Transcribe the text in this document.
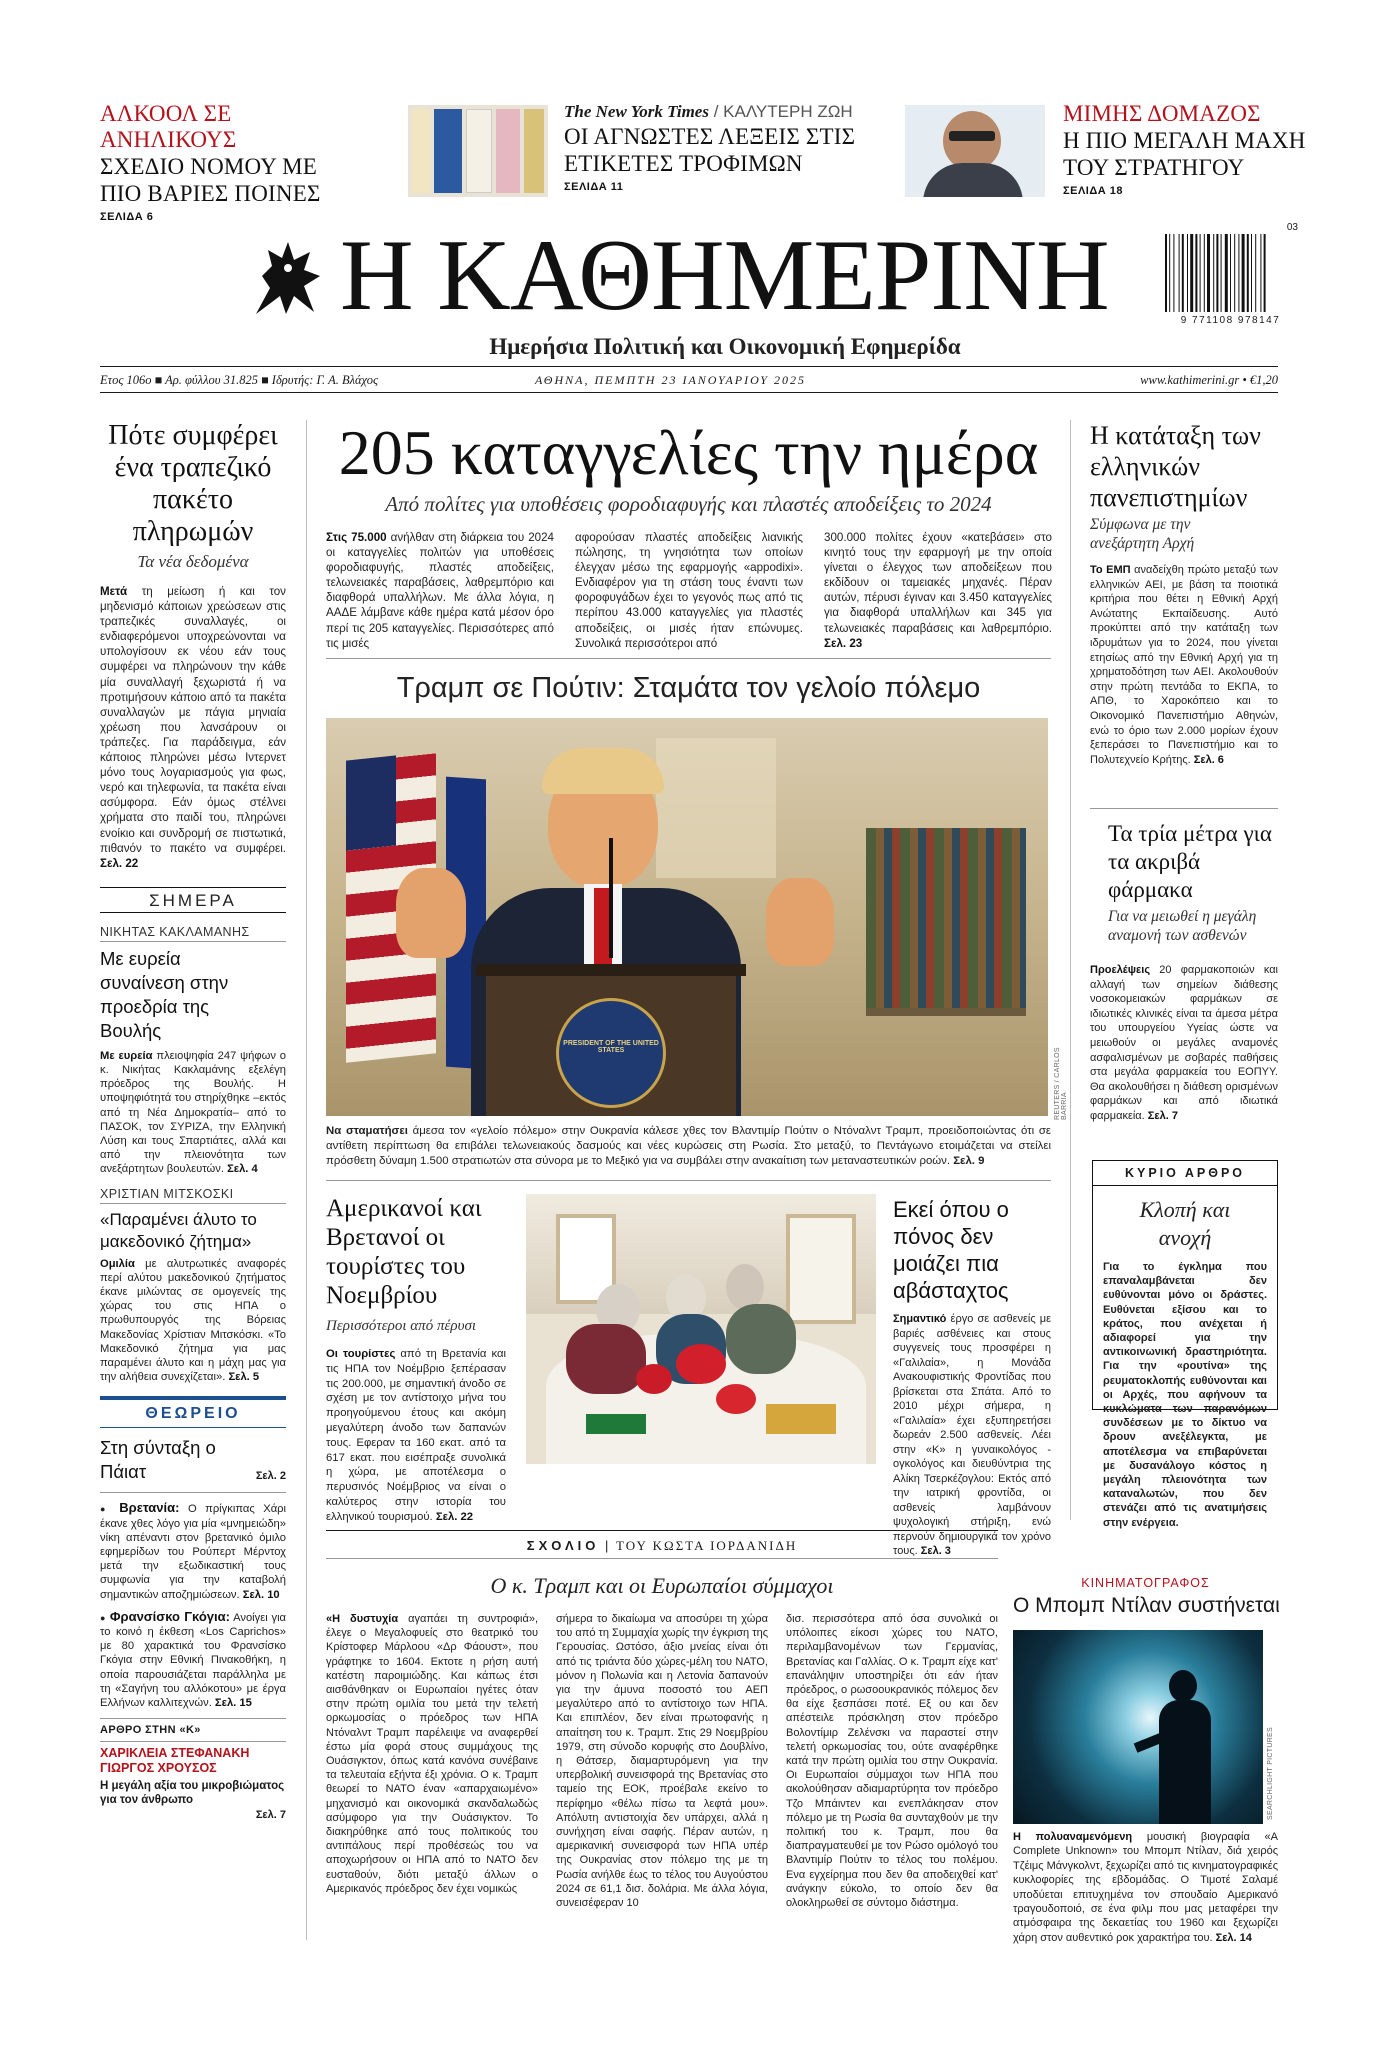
ΑΛΚΟΟΛ ΣΕ ΑΝΗΛΙΚΟΥΣ
ΣΧΕΔΙΟ ΝΟΜΟΥ ΜΕ ΠΙΟ ΒΑΡΙΕΣ ΠΟΙΝΕΣ
ΣΕΛΙΔΑ 6
The New York Times / ΚΑΛΥΤΕΡΗ ΖΩΗ
ΟΙ ΑΓΝΩΣΤΕΣ ΛΕΞΕΙΣ ΣΤΙΣ ΕΤΙΚΕΤΕΣ ΤΡΟΦΙΜΩΝ
ΣΕΛΙΔΑ 11
ΜΙΜΗΣ ΔΟΜΑΖΟΣ
Η ΠΙΟ ΜΕΓΑΛΗ ΜΑΧΗ ΤΟΥ ΣΤΡΑΤΗΓΟΥ
ΣΕΛΙΔΑ 18
Η ΚΑΘΗΜΕΡΙΝΗ
Ημερήσια Πολιτική και Οικονομική Εφημερίδα
03
9 771108 978147
Ετος 106ο ■ Αρ. φύλλου 31.825 ■ Ιδρυτής: Γ. Α. Βλάχος	ΑΘΗΝΑ, ΠΕΜΠΤΗ 23 ΙΑΝΟΥΑΡΙΟΥ 2025	www.kathimerini.gr • €1,20
Πότε συμφέρει ένα τραπεζικό πακέτο πληρωμών
Τα νέα δεδομένα
Μετά τη μείωση ή και τον μηδενισμό κάποιων χρεώσεων στις τραπεζικές συναλλαγές, οι ενδιαφερόμενοι υποχρεώνονται να υπολογίσουν εκ νέου εάν τους συμφέρει να πληρώνουν την κάθε μία συναλλαγή ξεχωριστά ή να προτιμήσουν κάποιο από τα πακέτα συναλλαγών με πάγια μηνιαία χρέωση που λανσάρουν οι τράπεζες. Για παράδειγμα, εάν κάποιος πληρώνει μέσω Ιντερνετ μόνο τους λογαριασμούς για φως, νερό και τηλεφωνία, τα πακέτα είναι ασύμφορα. Εάν όμως στέλνει χρήματα στο παιδί του, πληρώνει ενοίκιο και συνδρομή σε πιστωτικά, πιθανόν το πακέτο να συμφέρει. Σελ. 22
ΣΗΜΕΡΑ
ΝΙΚΗΤΑΣ ΚΑΚΛΑΜΑΝΗΣ
Με ευρεία συναίνεση στην προεδρία της Βουλής
Με ευρεία πλειοψηφία 247 ψήφων ο κ. Νικήτας Κακλαμάνης εξελέγη πρόεδρος της Βουλής. Η υποψηφιότητά του στηρίχθηκε –εκτός από τη Νέα Δημοκρατία– από το ΠΑΣΟΚ, τον ΣΥΡΙΖΑ, την Ελληνική Λύση και τους Σπαρτιάτες, αλλά και από την πλειονότητα των ανεξάρτητων βουλευτών. Σελ. 4
ΧΡΙΣΤΙΑΝ ΜΙΤΣΚΟΣΚΙ
«Παραμένει άλυτο το μακεδονικό ζήτημα»
Ομιλία με αλυτρωτικές αναφορές περί αλύτου μακεδονικού ζητήματος έκανε μιλώντας σε ομογενείς της χώρας του στις ΗΠΑ ο πρωθυπουργός της Βόρειας Μακεδονίας Χρίστιαν Μιτσκόσκι. «Το Μακεδονικό ζήτημα για μας παραμένει άλυτο και η μάχη μας για την αλήθεια συνεχίζεται». Σελ. 5
ΘΕΩΡΕΙΟ
Στη σύνταξη ο Πάιατ	Σελ. 2
● Βρετανία: Ο πρίγκιπας Χάρι έκανε χθες λόγο για μία «μνημειώδη» νίκη απέναντι στον βρετανικό όμιλο εφημερίδων του Ρούπερτ Μέρντοχ μετά την εξωδικαστική τους συμφωνία για την καταβολή σημαντικών αποζημιώσεων. Σελ. 10
● Φρανσίσκο Γκόγια: Ανοίγει για το κοινό η έκθεση «Los Caprichos» με 80 χαρακτικά του Φρανσίσκο Γκόγια στην Εθνική Πινακοθήκη, η οποία παρουσιάζεται παράλληλα με τη «Σαγήνη του αλλόκοτου» με έργα Ελλήνων καλλιτεχνών. Σελ. 15
ΑΡΘΡΟ ΣΤΗΝ «Κ»
ΧΑΡΙΚΛΕΙΑ ΣΤΕΦΑΝΑΚΗ ΓΙΩΡΓΟΣ ΧΡΟΥΣΟΣ
Η μεγάλη αξία του μικροβιώματος για τον άνθρωπο
Σελ. 7
205 καταγγελίες την ημέρα
Από πολίτες για υποθέσεις φοροδιαφυγής και πλαστές αποδείξεις το 2024
Στις 75.000 ανήλθαν στη διάρκεια του 2024 οι καταγγελίες πολιτών για υποθέσεις φοροδιαφυγής, πλαστές αποδείξεις, τελωνειακές παραβάσεις, λαθρεμπόριο και διαφθορά υπαλλήλων. Με άλλα λόγια, η ΑΑΔΕ λάμβανε κάθε ημέρα κατά μέσον όρο περί τις 205 καταγγελίες. Περισσότερες από τις μισές
αφορούσαν πλαστές αποδείξεις λιανικής πώλησης, τη γνησιότητα των οποίων έλεγχαν μέσω της εφαρμογής «appodixi». Ενδιαφέρον για τη στάση τους έναντι των φοροφυγάδων έχει το γεγονός πως από τις περίπου 43.000 καταγγελίες για πλαστές αποδείξεις, οι μισές ήταν επώνυμες. Συνολικά περισσότεροι από
300.000 πολίτες έχουν «κατεβάσει» στο κινητό τους την εφαρμογή με την οποία γίνεται ο έλεγχος των αποδείξεων που εκδίδουν οι ταμειακές μηχανές. Πέραν αυτών, πέρυσι έγιναν και 3.450 καταγγελίες για διαφθορά υπαλλήλων και 345 για τελωνειακές παραβάσεις και λαθρεμπόριο. Σελ. 23
Τραμπ σε Πούτιν: Σταμάτα τον γελοίο πόλεμο
PRESIDENT OF THE UNITED STATES	REUTERS / CARLOS BARRIA
Να σταματήσει άμεσα τον «γελοίο πόλεμο» στην Ουκρανία κάλεσε χθες τον Βλαντιμίρ Πούτιν ο Ντόναλντ Τραμπ, προειδοποιώντας ότι σε αντίθετη περίπτωση θα επιβάλει τελωνειακούς δασμούς και νέες κυρώσεις στη Ρωσία. Στο μεταξύ, το Πεντάγωνο ετοιμάζεται να στείλει πρόσθετη δύναμη 1.500 στρατιωτών στα σύνορα με το Μεξικό για να συμβάλει στην ανακαίτιση των μεταναστευτικών ροών. Σελ. 9
Αμερικανοί και Βρετανοί οι τουρίστες του Νοεμβρίου
Περισσότεροι από πέρυσι
Οι τουρίστες από τη Βρετανία και τις ΗΠΑ τον Νοέμβριο ξεπέρασαν τις 200.000, με σημαντική άνοδο σε σχέση με τον αντίστοιχο μήνα του προηγούμενου έτους και ακόμη μεγαλύτερη άνοδο των δαπανών τους. Εφεραν τα 160 εκατ. από τα 617 εκατ. που εισέπραξε συνολικά η χώρα, με αποτέλεσμα ο περυσινός Νοέμβριος να είναι ο καλύτερος στην ιστορία του ελληνικού τουρισμού. Σελ. 22
Εκεί όπου ο πόνος δεν μοιάζει πια αβάσταχτος
Σημαντικό έργο σε ασθενείς με βαριές ασθένειες και στους συγγενείς τους προσφέρει η «Γαλιλαία», η Μονάδα Ανακουφιστικής Φροντίδας που βρίσκεται στα Σπάτα. Από το 2010 μέχρι σήμερα, η «Γαλιλαία» έχει εξυπηρετήσει δωρεάν 2.500 ασθενείς. Λέει στην «Κ» η γυναικολόγος - ογκολόγος και διευθύντρια της Αλίκη Τσερκέζογλου: Εκτός από την ιατρική φροντίδα, οι ασθενείς λαμβάνουν ψυχολογική στήριξη, ενώ περνούν δημιουργικά τον χρόνο τους. Σελ. 3
ΣΧΟΛΙΟ | ΤΟΥ ΚΩΣΤΑ ΙΟΡΔΑΝΙΔΗ
Ο κ. Τραμπ και οι Ευρωπαίοι σύμμαχοι
«Η δυστυχία αγαπάει τη συντροφιά», έλεγε ο Μεγαλοφυείς στο θεατρικό του Κρίστοφερ Μάρλοου «Δρ Φάουστ», που γράφτηκε το 1604. Εκτοτε η ρήση αυτή κατέστη παροιμιώδης. Και κάπως έτσι αισθάνθηκαν οι Ευρωπαίοι ηγέτες όταν στην πρώτη ομιλία του μετά την τελετή ορκωμοσίας ο πρόεδρος των ΗΠΑ Ντόναλντ Τραμπ παρέλειψε να αναφερθεί έστω μία φορά στους συμμάχους της Ουάσιγκτον, όπως κατά κανόνα συνέβαινε τα τελευταία εξήντα έξι χρόνια. Ο κ. Τραμπ θεωρεί το ΝΑΤΟ έναν «απαρχαιωμένο» μηχανισμό και οικονομικά σκανδαλωδώς ασύμφορο για την Ουάσιγκτον. Το διακηρύθηκε από τους πολιτικούς του αντιπάλους περί προθέσεώς του να αποχωρήσουν οι ΗΠΑ από το ΝΑΤΟ δεν ευσταθούν, διότι μεταξύ άλλων ο Αμερικανός πρόεδρος δεν έχει νομικώς
σήμερα το δικαίωμα να αποσύρει τη χώρα του από τη Συμμαχία χωρίς την έγκριση της Γερουσίας. Ωστόσο, άξιο μνείας είναι ότι από τις τριάντα δύο χώρες-μέλη του ΝΑΤΟ, μόνον η Πολωνία και η Λετονία δαπανούν για την άμυνα ποσοστό του ΑΕΠ μεγαλύτερο από το αντίστοιχο των ΗΠΑ. Και επιπλέον, δεν είναι πρωτοφανής η απαίτηση του κ. Τραμπ. Στις 29 Νοεμβρίου 1979, στη σύνοδο κορυφής στο Δουβλίνο, η Θάτσερ, διαμαρτυρόμενη για την υπερβολική συνεισφορά της Βρετανίας στο ταμείο της ΕΟΚ, προέβαλε εκείνο το περίφημο «θέλω πίσω τα λεφτά μου». Απόλυτη αντιστοιχία δεν υπάρχει, αλλά η συνήχηση είναι σαφής. Πέραν αυτών, η αμερικανική συνεισφορά των ΗΠΑ υπέρ της Ουκρανίας στον πόλεμο της με τη Ρωσία ανήλθε έως το τέλος του Αυγούστου 2024 σε 61,1 δισ. δολάρια. Με άλλα λόγια, συνεισέφεραν 10
δισ. περισσότερα από όσα συνολικά οι υπόλοιπες είκοσι χώρες του ΝΑΤΟ, περιλαμβανομένων των Γερμανίας, Βρετανίας και Γαλλίας. Ο κ. Τραμπ είχε κατ' επανάληψιν υποστηρίξει ότι εάν ήταν πρόεδρος, ο ρωσοουκρανικός πόλεμος δεν θα είχε ξεσπάσει ποτέ. Εξ ου και δεν απέστειλε πρόσκληση στον πρόεδρο Βολοντίμιρ Ζελένσκι να παραστεί στην τελετή ορκωμοσίας του, ούτε αναφέρθηκε κατά την πρώτη ομιλία του στην Ουκρανία. Οι Ευρωπαίοι σύμμαχοι των ΗΠΑ που ακολούθησαν αδιαμαρτύρητα τον πρόεδρο Τζο Μπάιντεν και ενεπλάκησαν στον πόλεμο με τη Ρωσία θα συνταχθούν με την πολιτική του κ. Τραμπ, που θα διαπραγματευθεί με τον Ρώσο ομόλογό του Βλαντιμίρ Πούτιν το τέλος του πολέμου. Ενα εγχείρημα που δεν θα αποδειχθεί κατ' ανάγκην εύκολο, το οποίο δεν θα ολοκληρωθεί σε σύντομο διάστημα.
Η κατάταξη των ελληνικών πανεπιστημίων
Σύμφωνα με την ανεξάρτητη Αρχή
Το ΕΜΠ αναδείχθη πρώτο μεταξύ των ελληνικών ΑΕΙ, με βάση τα ποιοτικά κριτήρια που θέτει η Εθνική Αρχή Ανώτατης Εκπαίδευσης. Αυτό προκύπτει από την κατάταξη των ιδρυμάτων για το 2024, που γίνεται ετησίως από την Εθνική Αρχή για τη χρηματοδότηση των ΑΕΙ. Ακολουθούν στην πρώτη πεντάδα το ΕΚΠΑ, το ΑΠΘ, το Χαροκόπειο και το Οικονομικό Πανεπιστήμιο Αθηνών, ενώ το όριο των 2.000 μορίων έχουν ξεπεράσει το Πανεπιστήμιο και το Πολυτεχνείο Κρήτης. Σελ. 6
Τα τρία μέτρα για τα ακριβά φάρμακα
Για να μειωθεί η μεγάλη αναμονή των ασθενών
Προελέψεις 20 φαρμακοποιών και αλλαγή των σημείων διάθεσης νοσοκομειακών φαρμάκων σε ιδιωτικές κλινικές είναι τα άμεσα μέτρα του υπουργείου Υγείας ώστε να μειωθούν οι μεγάλες αναμονές ασφαλισμένων με σοβαρές παθήσεις στα μεγάλα φαρμακεία του ΕΟΠΥΥ. Θα ακολουθήσει η διάθεση ορισμένων φαρμάκων και από ιδιωτικά φαρμακεία. Σελ. 7
ΚΥΡΙΟ ΑΡΘΡΟ
Κλοπή και ανοχή
Για το έγκλημα που επαναλαμβάνεται δεν ευθύνονται μόνο οι δράστες. Ευθύνεται εξίσου και το κράτος, που ανέχεται ή αδιαφορεί για την αντικοινωνική δραστηριότητα. Για την «ρουτίνα» της ρευματοκλοπής ευθύνονται και οι Αρχές, που αφήνουν τα κυκλώματα των παρανόμων συνδέσεων με το δίκτυο να δρουν ανεξέλεγκτα, με αποτέλεσμα να επιβαρύνεται με δυσανάλογο κόστος η μεγάλη πλειονότητα των καταναλωτών, που δεν στενάζει από τις ανατιμήσεις στην ενέργεια.
ΚΙΝΗΜΑΤΟΓΡΑΦΟΣ
Ο Μπομπ Ντίλαν συστήνεται
SEARCHLIGHT PICTURES
Η πολυαναμενόμενη μουσική βιογραφία «A Complete Unknown» του Μπομπ Ντίλαν, διά χειρός Τζέιμς Μάνγκολντ, ξεχωρίζει από τις κινηματογραφικές κυκλοφορίες της εβδομάδας. Ο Τιμοτέ Σαλαμέ υποδύεται επιτυχημένα τον σπουδαίο Αμερικανό τραγουδοποιό, σε ένα φιλμ που μας μεταφέρει την ατμόσφαιρα της δεκαετίας του 1960 και ξεχωρίζει χάρη στον αυθεντικό ροκ χαρακτήρα του. Σελ. 14
